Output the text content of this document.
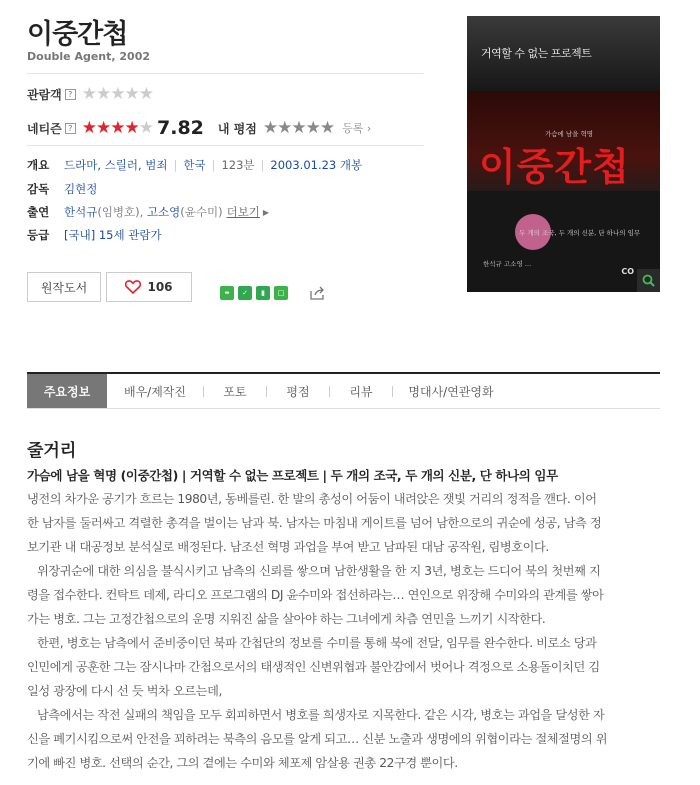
이중간첩
Double Agent, 2002
관람객 ? ★★★★★
네티즌 ? ★★★★★ 7.82 내 평점 ★★★★★ 등록 ›
개요	드라마 , 스릴러 , 범죄 | 한국 | 123분 | 2003.01.23 개봉
감독	김현정
출연	한석규 (임병호) , 고소영 (윤수미) 더보기 ▶
등급	[국내] 15세 관람가
원작도서	106	▬	✓	▮	□
거역할 수 없는 프로젝트
가슴에 남을 혁명
이중간첩
두 개의 조국, 두 개의 신분, 단 하나의 임무
한석규 고소영 …
CO
주요정보	배우/제작진	포토	평점	리뷰	명대사/연관영화
줄거리
가슴에 남을 혁명 (이중간첩) | 거역할 수 없는 프로젝트 | 두 개의 조국, 두 개의 신분, 단 하나의 임무

냉전의 차가운 공기가 흐르는 1980년, 동베를린. 한 발의 총성이 어둠이 내려앉은 잿빛 거리의 정적을 깬다. 이어

한 남자를 둘러싸고 격렬한 총격을 벌이는 남과 북. 남자는 마침내 게이트를 넘어 남한으로의 귀순에 성공, 남측 정

보기관 내 대공정보 분석실로 배정된다. 남조선 혁명 과업을 부여 받고 남파된 대남 공작원, 림병호이다.

위장귀순에 대한 의심을 불식시키고 남측의 신뢰를 쌓으며 남한생활을 한 지 3년, 병호는 드디어 북의 첫번째 지

령을 접수한다. 컨탁트 데제, 라디오 프로그램의 DJ 윤수미와 접선하라는… 연인으로 위장해 수미와의 관계를 쌓아

가는 병호. 그는 고정간첩으로의 운명 지워진 삶을 살아야 하는 그녀에게 차츰 연민을 느끼기 시작한다.

한편, 병호는 남측에서 준비중이던 북파 간첩단의 정보를 수미를 통해 북에 전달, 임무를 완수한다. 비로소 당과

인민에게 공훈한 그는 잠시나마 간첩으로서의 태생적인 신변위협과 불안감에서 벗어나 격정으로 소용돌이치던 김

일성 광장에 다시 선 듯 벅차 오르는데,

남측에서는 작전 실패의 책임을 모두 회피하면서 병호를 희생자로 지목한다. 같은 시각, 병호는 과업을 달성한 자

신을 폐기시킴으로써 안전을 꾀하려는 북측의 음모를 알게 되고… 신분 노출과 생명에의 위협이라는 절체절명의 위

기에 빠진 병호. 선택의 순간, 그의 곁에는 수미와 체포제 암살용 권총 22구경 뿐이다.
